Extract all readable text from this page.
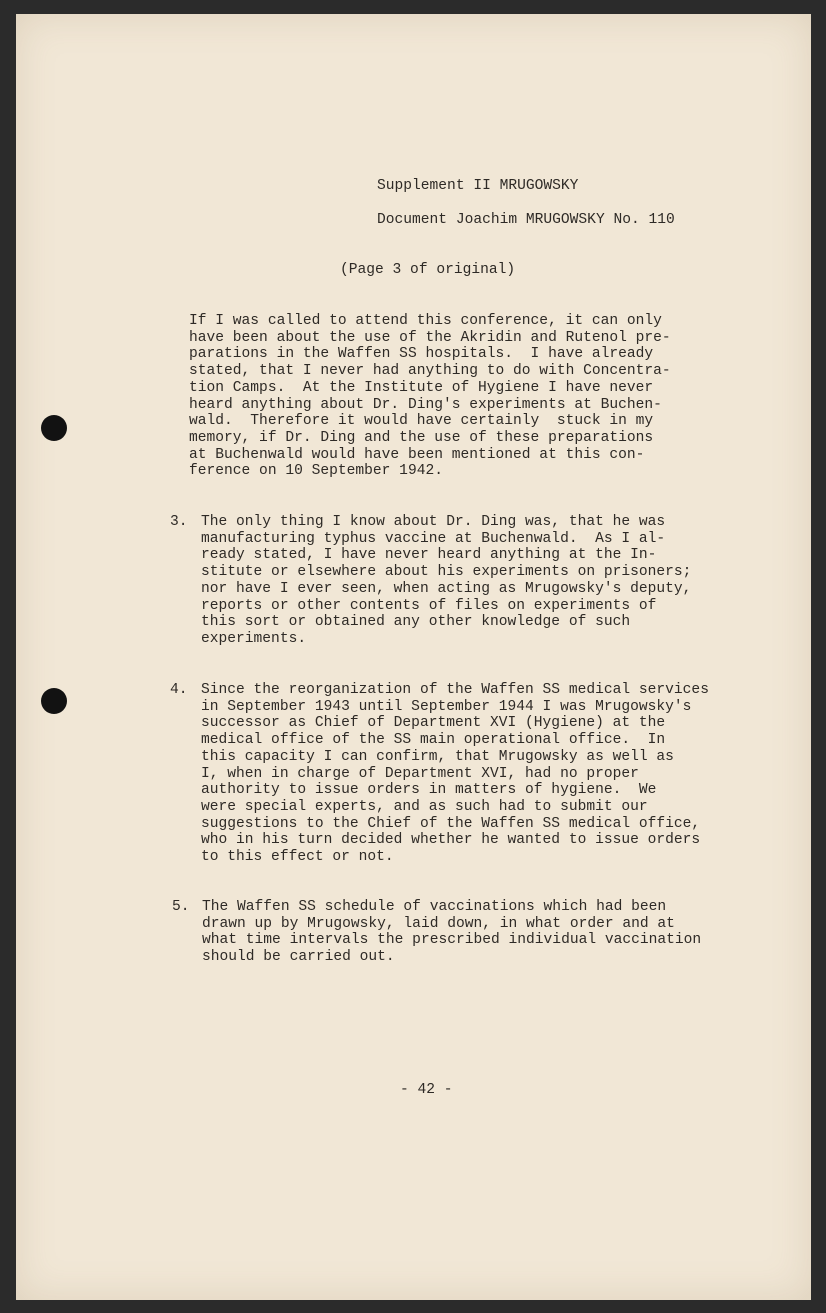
Supplement II MRUGOWSKY
Document Joachim MRUGOWSKY No. 110
(Page 3 of original)
If I was called to attend this conference, it can only
have been about the use of the Akridin and Rutenol pre-
parations in the Waffen SS hospitals.  I have already
stated, that I never had anything to do with Concentra-
tion Camps.  At the Institute of Hygiene I have never
heard anything about Dr. Ding's experiments at Buchen-
wald.  Therefore it would have certainly  stuck in my
memory, if Dr. Ding and the use of these preparations
at Buchenwald would have been mentioned at this con-
ference on 10 September 1942.
3. The only thing I know about Dr. Ding was, that he was
manufacturing typhus vaccine at Buchenwald.  As I al-
ready stated, I have never heard anything at the In-
stitute or elsewhere about his experiments on prisoners;
nor have I ever seen, when acting as Mrugowsky's deputy,
reports or other contents of files on experiments of
this sort or obtained any other knowledge of such
experiments.
4. Since the reorganization of the Waffen SS medical services
in September 1943 until September 1944 I was Mrugowsky's
successor as Chief of Department XVI (Hygiene) at the
medical office of the SS main operational office.  In
this capacity I can confirm, that Mrugowsky as well as
I, when in charge of Department XVI, had no proper
authority to issue orders in matters of hygiene.  We
were special experts, and as such had to submit our
suggestions to the Chief of the Waffen SS medical office,
who in his turn decided whether he wanted to issue orders
to this effect or not.
5. The Waffen SS schedule of vaccinations which had been
drawn up by Mrugowsky, laid down, in what order and at
what time intervals the prescribed individual vaccination
should be carried out.
- 42 -
